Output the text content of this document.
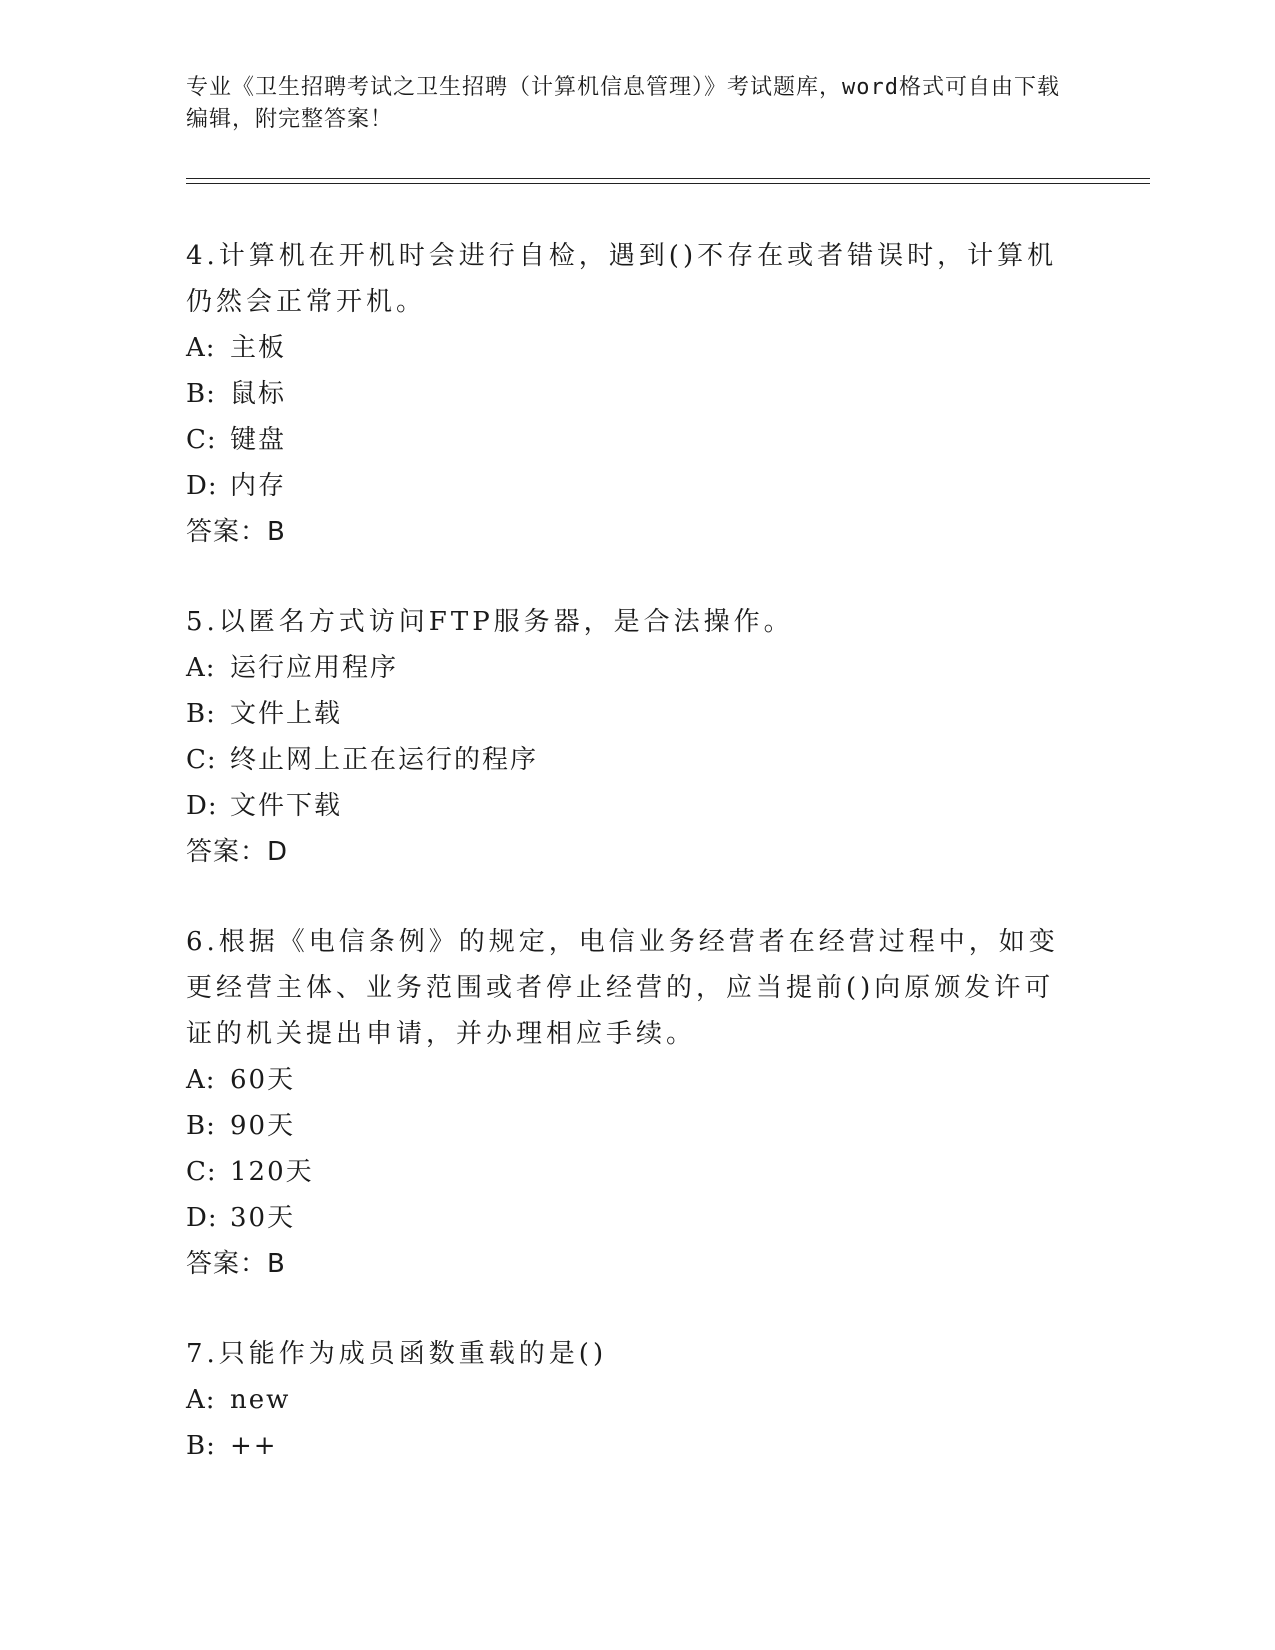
专业《卫生招聘考试之卫生招聘（计算机信息管理）》考试题库，word格式可自由下载编辑，附完整答案！

4.计算机在开机时会进行自检，遇到()不存在或者错误时，计算机仍然会正常开机。

A: 主板

B: 鼠标

C: 键盘

D: 内存

答案：B

5.以匿名方式访问FTP服务器，是合法操作。

A: 运行应用程序

B: 文件上载

C: 终止网上正在运行的程序

D: 文件下载

答案：D

6.根据《电信条例》的规定，电信业务经营者在经营过程中，如变更经营主体、业务范围或者停止经营的，应当提前()向原颁发许可证的机关提出申请，并办理相应手续。

A: 60天

B: 90天

C: 120天

D: 30天

答案：B

7.只能作为成员函数重载的是()

A: new

B: ++
